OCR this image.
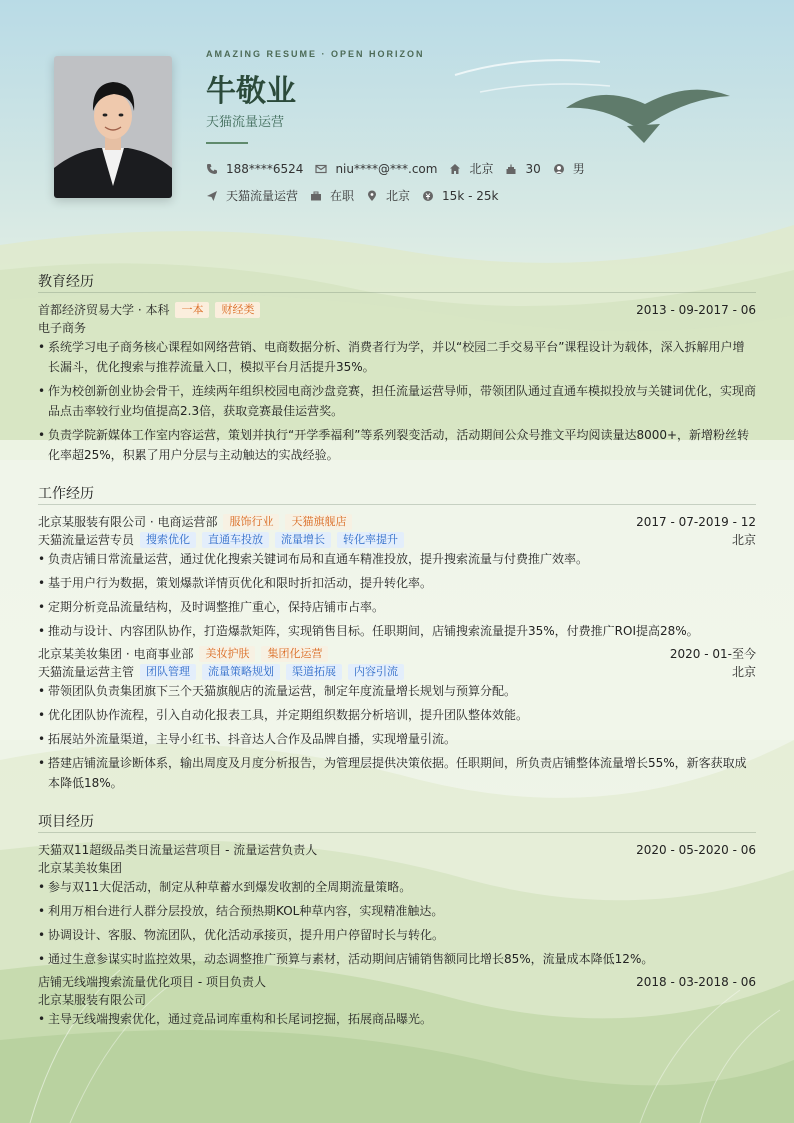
AMAZING RESUME · OPEN HORIZON
牛敬业
天猫流量运营
188****6524	niu****@***.com	北京	30	男
天猫流量运营	在职	北京	15k - 25k
教育经历
首都经济贸易大学 · 本科	一本	财经类	2013 - 09-2017 - 06
电子商务
• 系统学习电子商务核心课程如网络营销、电商数据分析、消费者行为学，并以“校园二手交易平台”课程设计为载体，深入拆解用户增长漏斗，优化搜索与推荐流量入口，模拟平台月活提升35%。
• 作为校创新创业协会骨干，连续两年组织校园电商沙盘竞赛，担任流量运营导师，带领团队通过直通车模拟投放与关键词优化，实现商品点击率较行业均值提高2.3倍，获取竞赛最佳运营奖。
• 负责学院新媒体工作室内容运营，策划并执行“开学季福利”等系列裂变活动，活动期间公众号推文平均阅读量达8000+，新增粉丝转化率超25%，积累了用户分层与主动触达的实战经验。
工作经历
北京某服装有限公司 · 电商运营部	服饰行业	天猫旗舰店	2017 - 07-2019 - 12
天猫流量运营专员	搜索优化	直通车投放	流量增长	转化率提升	北京
• 负责店铺日常流量运营，通过优化搜索关键词布局和直通车精准投放，提升搜索流量与付费推广效率。
• 基于用户行为数据，策划爆款详情页优化和限时折扣活动，提升转化率。
• 定期分析竞品流量结构，及时调整推广重心，保持店铺市占率。
• 推动与设计、内容团队协作，打造爆款矩阵，实现销售目标。任职期间，店铺搜索流量提升35%，付费推广ROI提高28%。
北京某美妆集团 · 电商事业部	美妆护肤	集团化运营	2020 - 01-至今
天猫流量运营主管	团队管理	流量策略规划	渠道拓展	内容引流	北京
• 带领团队负责集团旗下三个天猫旗舰店的流量运营，制定年度流量增长规划与预算分配。
• 优化团队协作流程，引入自动化报表工具，并定期组织数据分析培训，提升团队整体效能。
• 拓展站外流量渠道，主导小红书、抖音达人合作及品牌自播，实现增量引流。
• 搭建店铺流量诊断体系，输出周度及月度分析报告，为管理层提供决策依据。任职期间，所负责店铺整体流量增长55%，新客获取成本降低18%。
项目经历
天猫双11超级品类日流量运营项目 - 流量运营负责人	2020 - 05-2020 - 06
北京某美妆集团
• 参与双11大促活动，制定从种草蓄水到爆发收割的全周期流量策略。
• 利用万相台进行人群分层投放，结合预热期KOL种草内容，实现精准触达。
• 协调设计、客服、物流团队，优化活动承接页，提升用户停留时长与转化。
• 通过生意参谋实时监控效果，动态调整推广预算与素材，活动期间店铺销售额同比增长85%，流量成本降低12%。
店铺无线端搜索流量优化项目 - 项目负责人	2018 - 03-2018 - 06
北京某服装有限公司
• 主导无线端搜索优化，通过竞品词库重构和长尾词挖掘，拓展商品曝光。
